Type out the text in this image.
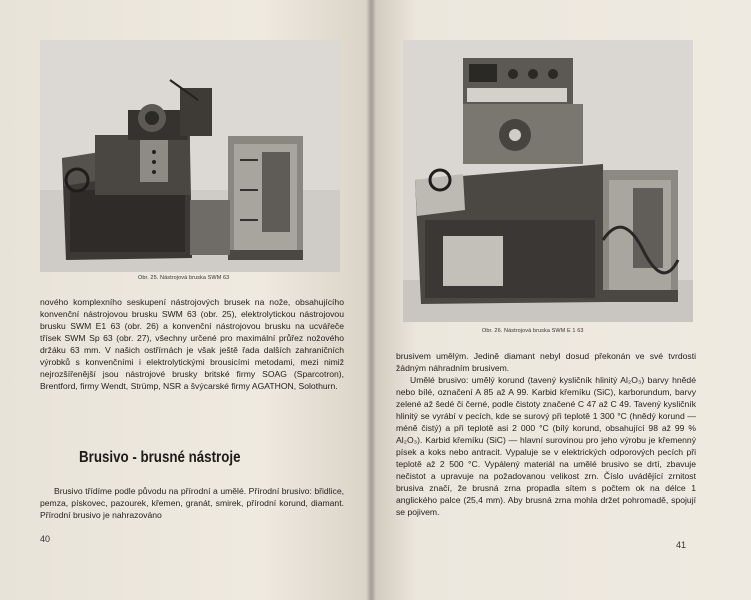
Obr. 25. Nástrojová bruska SWM 63

nového komplexního seskupení nástrojových brusek na nože, obsahujícího konvenční nástrojovou brusku SWM 63 (obr. 25), elektrolytickou nástrojovou brusku SWM E1 63 (obr. 26) a konvenční nástrojovou brusku na ucvářeče třísek SWM Sp 63 (obr. 27), všechny určené pro maximální průřez nožového držáku 63 mm. V našich ostřírnách je však ještě řada dalších zahraničních výrobků s konvenčními i elektrolytickými brousicími metodami, mezi nimiž nejrozšířenější jsou nástrojové brusky britské firmy SOAG (Sparcotron), Brentford, firmy Wendt, Strümp, NSR a švýcarské firmy AGATHON, Solothurn.

Brusivo - brusné nástroje

Brusivo třídíme podle původu na přírodní a umělé. Přírodní brusivo: břidlice, pemza, pískovec, pazourek, křemen, granát, smirek, přírodní korund, diamant. Přírodní brusivo je nahrazováno

40
Obr. 26. Nástrojová bruska SWM E 1 63

brusivem umělým. Jedině diamant nebyl dosud překonán ve své tvrdosti žádným náhradním brusivem.

Umělé brusivo: umělý korund (tavený kysličník hlinitý Al₂O₃) barvy hnědé nebo bílé, označení A 85 až A 99. Karbid křemíku (SiC), karborundum, barvy zelené až šedé či černé, podle čistoty značené C 47 až C 49. Tavený kysličník hlinitý se vyrábí v pecích, kde se surový při teplotě 1 300 °C (hnědý korund — méně čistý) a při teplotě asi 2 000 °C (bílý korund, obsahující 98 až 99 % Al₂O₃). Karbid křemíku (SiC) — hlavní surovinou pro jeho výrobu je křemenný písek a koks nebo antracit. Vypaluje se v elektrických odporových pecích při teplotě až 2 500 °C. Vypálený materiál na umělé brusivo se drtí, zbavuje nečistot a upravuje na požadovanou velikost zrn. Číslo uvádějící zrnitost brusiva značí, že brusná zrna propadla sítem s počtem ok na délce 1 anglického palce (25,4 mm). Aby brusná zrna mohla držet pohromadě, spojují se pojivem.

41
